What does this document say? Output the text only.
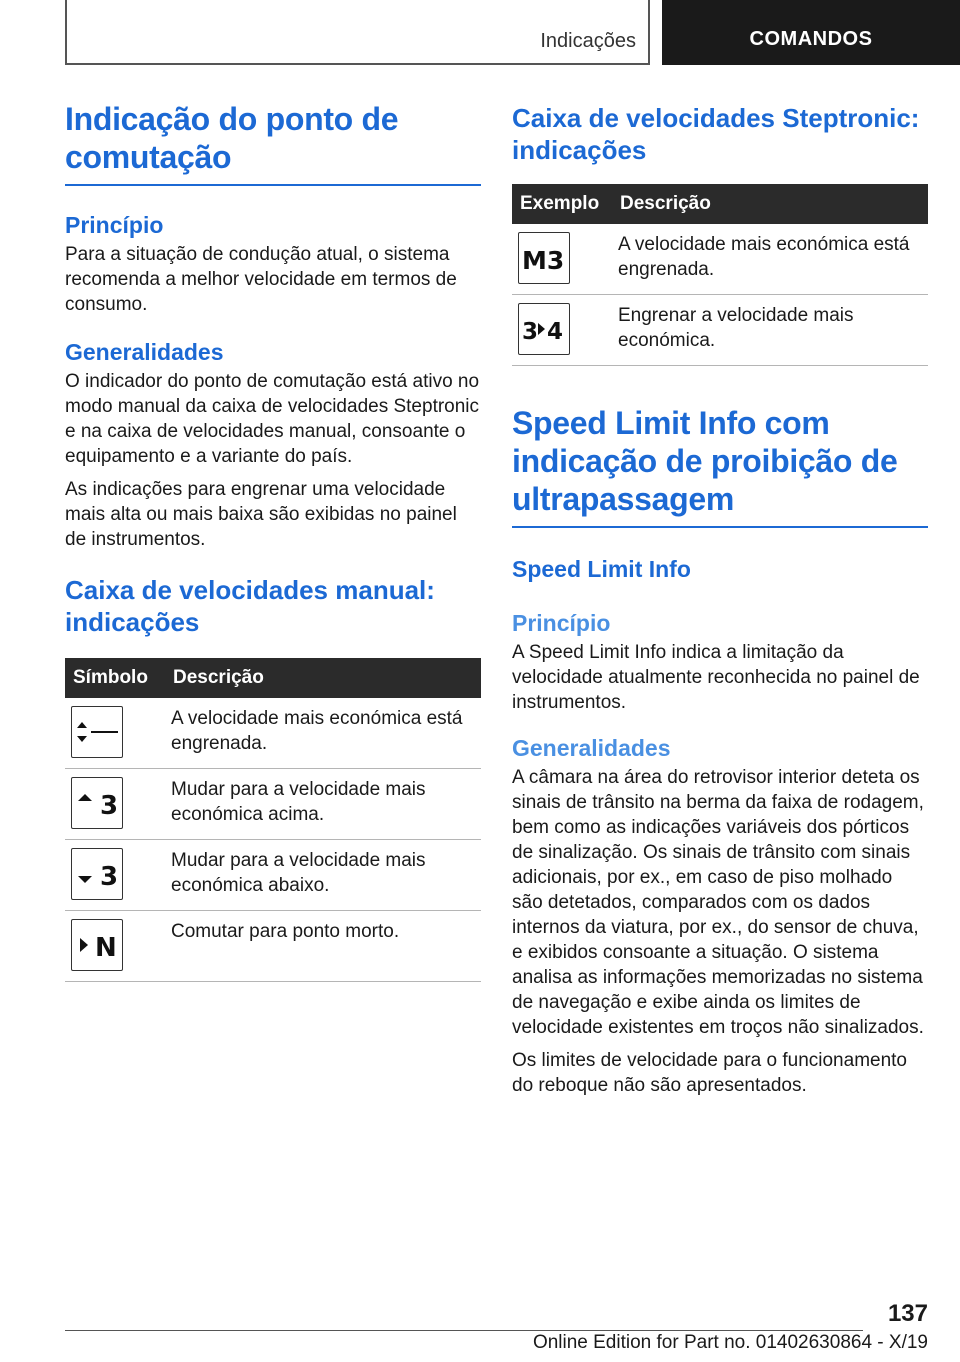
Indicações	COMANDOS
Indicação do ponto de comutação
Princípio

Para a situação de condução atual, o sistema recomenda a melhor velocidade em termos de consumo.

Generalidades

O indicador do ponto de comutação está ativo no modo manual da caixa de velocidades Steptronic e na caixa de velocidades manual, consoante o equipamento e a variante do país.

As indicações para engrenar uma velocidade mais alta ou mais baixa são exibidas no painel de instrumentos.

Caixa de velocidades manual: indicações
Símbolo	Descrição

	A velocidade mais económica está engrenada.

3	Mudar para a velocidade mais económica acima.

3	Mudar para a velocidade mais económica abaixo.

N	Comutar para ponto morto.
Caixa de velocidades Steptronic: indicações
Exemplo	Descrição

M3	A velocidade mais económica está engrenada.

3 4	Engrenar a velocidade mais económica.
Speed Limit Info com indicação de proibição de ultrapassagem
Speed Limit Info
Princípio

A Speed Limit Info indica a limitação da velocidade atualmente reconhecida no painel de instrumentos.

Generalidades

A câmara na área do retrovisor interior deteta os sinais de trânsito na berma da faixa de rodagem, bem como as indicações variáveis dos pórticos de sinalização. Os sinais de trânsito com sinais adicionais, por ex., em caso de piso molhado são detetados, comparados com os dados internos da viatura, por ex., do sensor de chuva, e exibidos consoante a situação. O sistema analisa as informações memorizadas no sistema de navegação e exibe ainda os limites de velocidade existentes em troços não sinalizados.

Os limites de velocidade para o funcionamento do reboque não são apresentados.

137
Online Edition for Part no. 01402630864 - X/19
